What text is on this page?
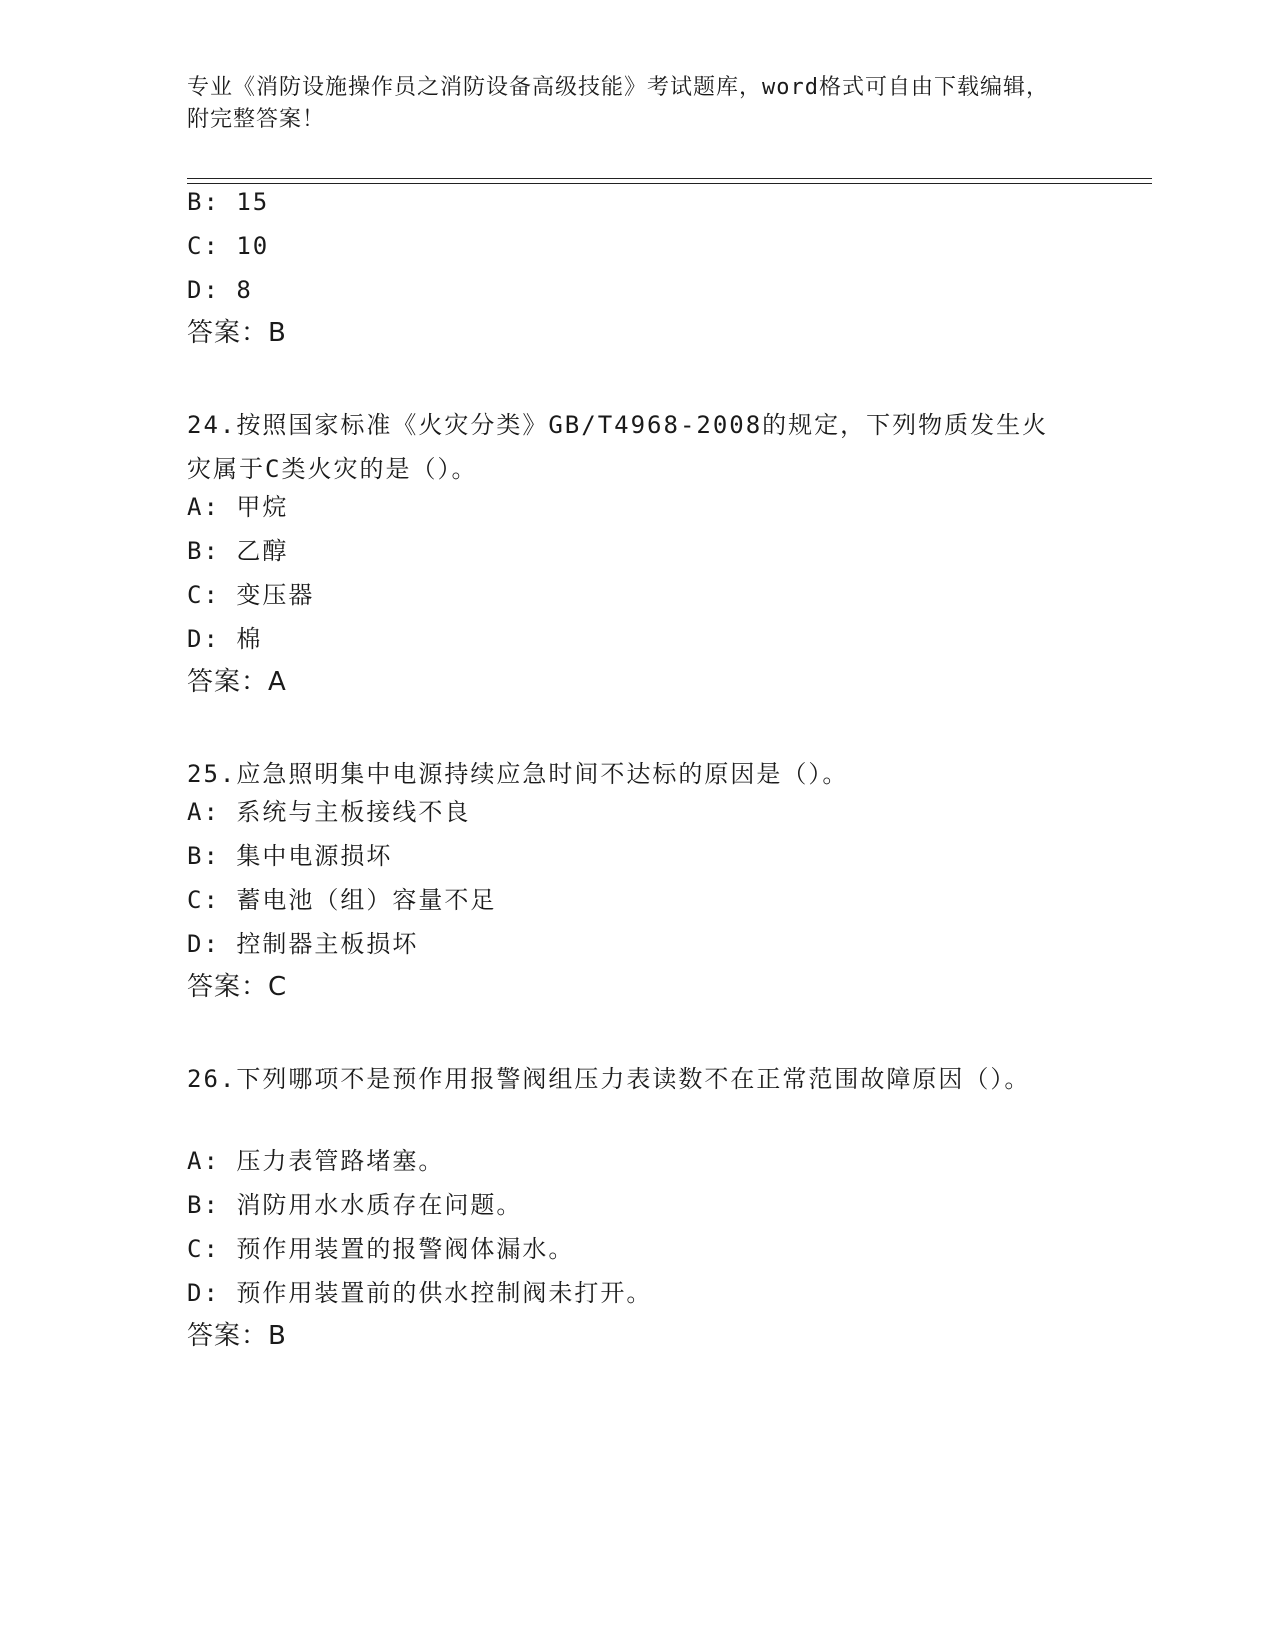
专业《消防设施操作员之消防设备高级技能》考试题库，word格式可自由下载编辑，附完整答案！
B: 15
C: 10
D: 8
答案：B
24.按照国家标准《火灾分类》GB/T4968-2008的规定，下列物质发生火灾属于C类火灾的是（）。
A: 甲烷
B: 乙醇
C: 变压器
D: 棉
答案：A
25.应急照明集中电源持续应急时间不达标的原因是（）。
A: 系统与主板接线不良
B: 集中电源损坏
C: 蓄电池（组）容量不足
D: 控制器主板损坏
答案：C
26.下列哪项不是预作用报警阀组压力表读数不在正常范围故障原因（）。
A: 压力表管路堵塞。
B: 消防用水水质存在问题。
C: 预作用装置的报警阀体漏水。
D: 预作用装置前的供水控制阀未打开。
答案：B
